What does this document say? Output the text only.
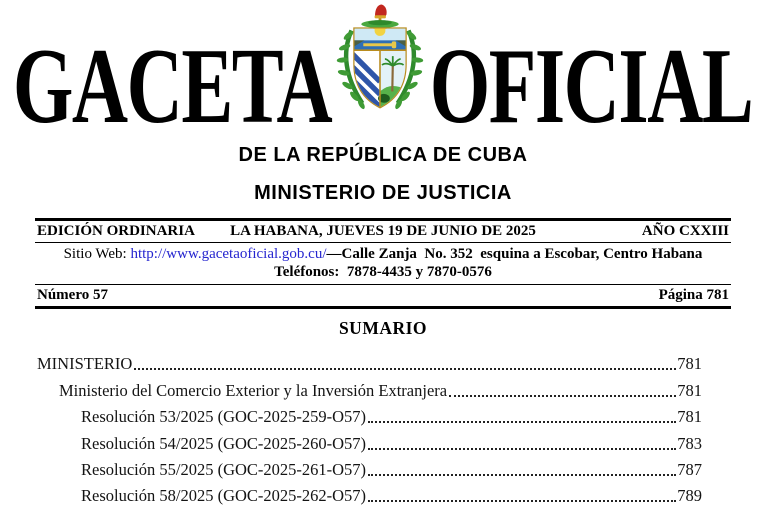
GACETA OFICIAL
DE LA REPÚBLICA DE CUBA
MINISTERIO DE JUSTICIA
EDICIÓN ORDINARIA	LA HABANA, JUEVES 19 DE JUNIO DE 2025	AÑO CXXIII
Sitio Web: http://www.gacetaoficial.gob.cu/—Calle Zanja  No. 352  esquina a Escobar, Centro Habana
Teléfonos:  7878-4435 y 7870-0576
Número 57	Página 781
SUMARIO
MINISTERIO	781
Ministerio del Comercio Exterior y la Inversión Extranjera	781
Resolución 53/2025 (GOC-2025-259-O57)	781
Resolución 54/2025 (GOC-2025-260-O57)	783
Resolución 55/2025 (GOC-2025-261-O57)	787
Resolución 58/2025 (GOC-2025-262-O57)	789
